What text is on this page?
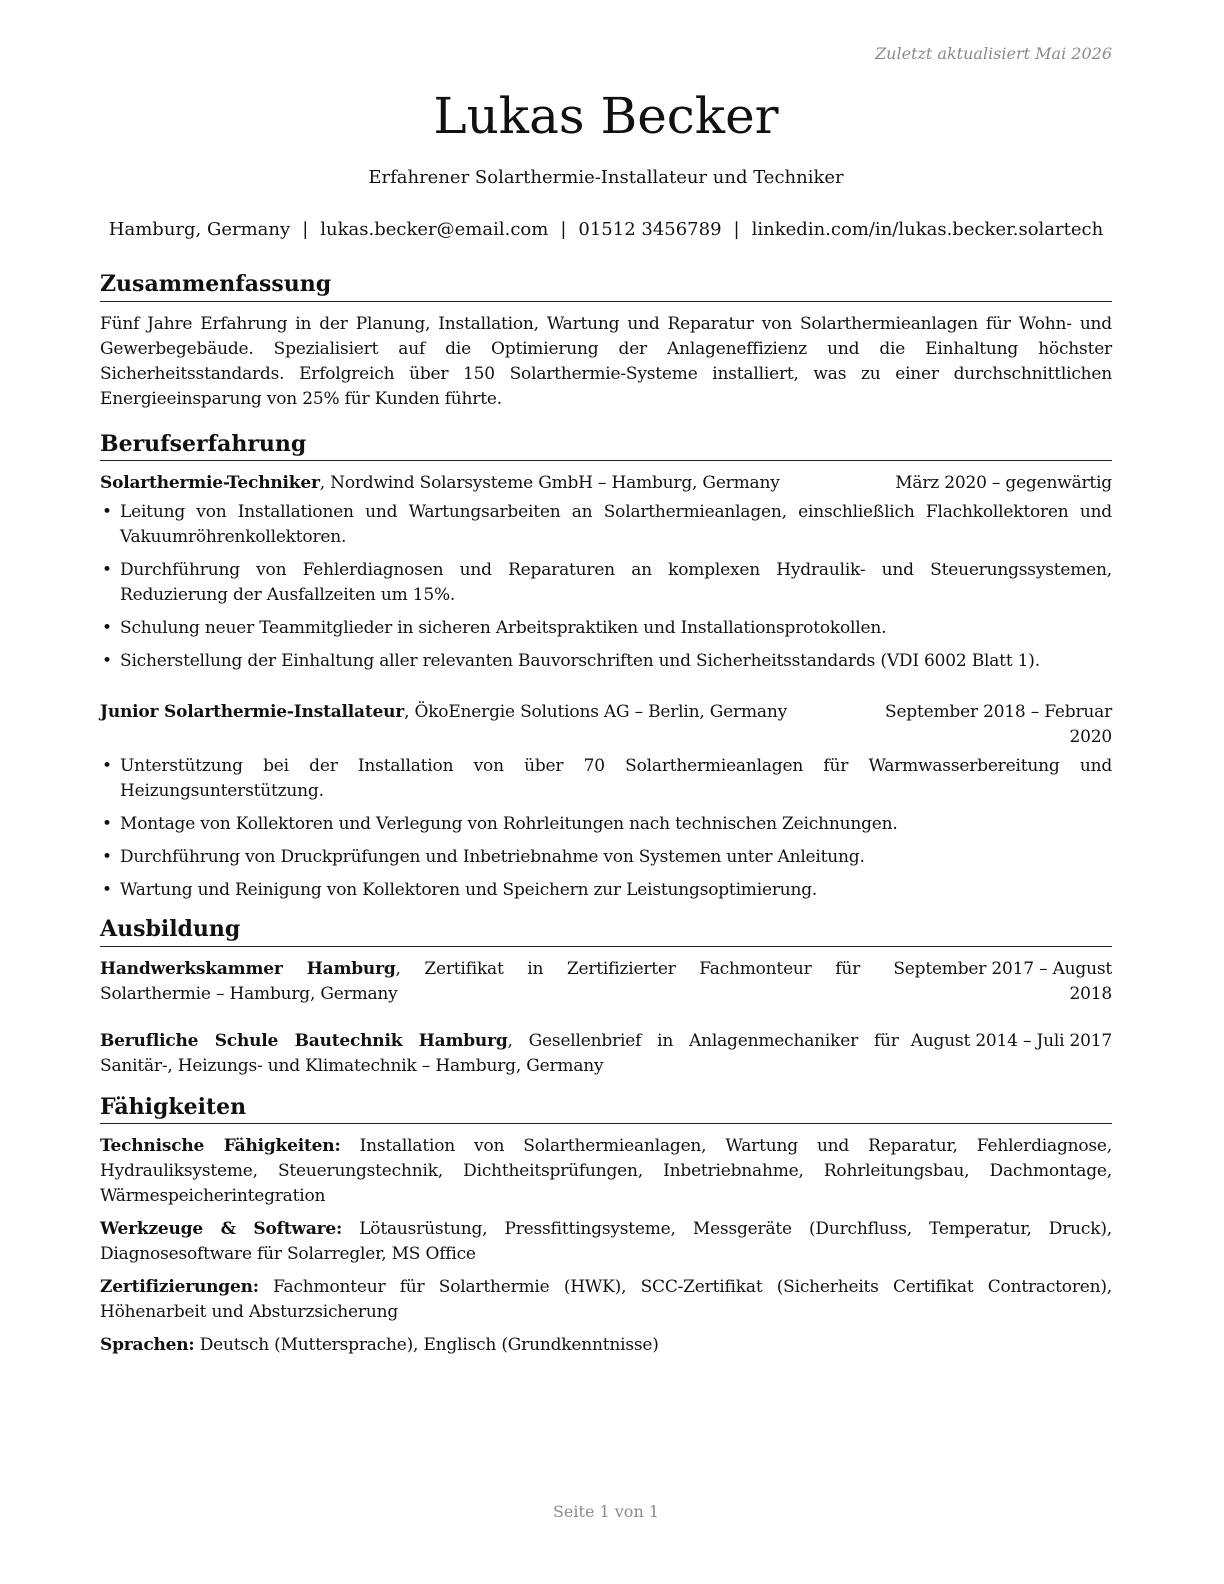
Zuletzt aktualisiert Mai 2026
Lukas Becker
Erfahrener Solarthermie-Installateur und Techniker
Hamburg, Germany | lukas.becker@email.com | 01512 3456789 | linkedin.com/in/lukas.becker.solartech
Zusammenfassung

Fünf Jahre Erfahrung in der Planung, Installation, Wartung und Reparatur von Solarthermieanlagen für Wohn- und Gewerbegebäude. Spezialisiert auf die Optimierung der Anlageneffizienz und die Einhaltung höchster Sicherheitsstandards. Erfolgreich über 150 Solarthermie-Systeme installiert, was zu einer durchschnittlichen Energieeinsparung von 25% für Kunden führte.

Berufserfahrung
Solarthermie-Techniker, Nordwind Solarsysteme GmbH – Hamburg, Germany	März 2020 – gegenwärtig
• Leitung von Installationen und Wartungsarbeiten an Solarthermieanlagen, einschließlich Flachkollektoren und Vakuumröhrenkollektoren.
• Durchführung von Fehlerdiagnosen und Reparaturen an komplexen Hydraulik- und Steuerungssystemen, Reduzierung der Ausfallzeiten um 15%.
• Schulung neuer Teammitglieder in sicheren Arbeitspraktiken und Installationsprotokollen.
• Sicherstellung der Einhaltung aller relevanten Bauvorschriften und Sicherheitsstandards (VDI 6002 Blatt 1).
Junior Solarthermie-Installateur, ÖkoEnergie Solutions AG – Berlin, Germany	September 2018 – Februar 2020
• Unterstützung bei der Installation von über 70 Solarthermieanlagen für Warmwasserbereitung und Heizungsunterstützung.
• Montage von Kollektoren und Verlegung von Rohrleitungen nach technischen Zeichnungen.
• Durchführung von Druckprüfungen und Inbetriebnahme von Systemen unter Anleitung.
• Wartung und Reinigung von Kollektoren und Speichern zur Leistungsoptimierung.
Ausbildung
Handwerkskammer Hamburg, Zertifikat in Zertifizierter Fachmonteur für Solarthermie – Hamburg, Germany
September 2017 – August 2018
Berufliche Schule Bautechnik Hamburg, Gesellenbrief in Anlagenmechaniker für Sanitär-, Heizungs- und Klimatechnik – Hamburg, Germany
August 2014 – Juli 2017
Fähigkeiten

Technische Fähigkeiten: Installation von Solarthermieanlagen, Wartung und Reparatur, Fehlerdiagnose, Hydrauliksysteme, Steuerungstechnik, Dichtheitsprüfungen, Inbetriebnahme, Rohrleitungsbau, Dachmontage, Wärmespeicherintegration

Werkzeuge & Software: Lötausrüstung, Pressfittingsysteme, Messgeräte (Durchfluss, Temperatur, Druck), Diagnosesoftware für Solarregler, MS Office

Zertifizierungen: Fachmonteur für Solarthermie (HWK), SCC-Zertifikat (Sicherheits Certifikat Contractoren), Höhenarbeit und Absturzsicherung

Sprachen: Deutsch (Muttersprache), Englisch (Grundkenntnisse)

Seite 1 von 1
